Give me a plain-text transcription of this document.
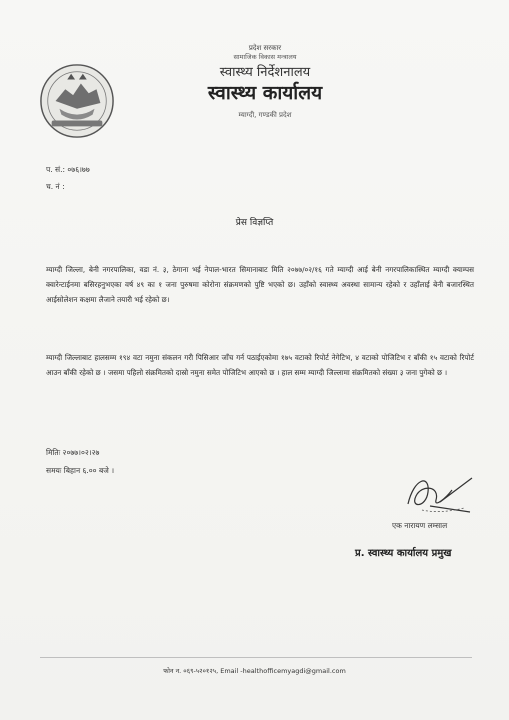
प्रदेश सरकार
सामाजिक विकास मन्त्रालय
स्वास्थ्य निर्देशनालय
स्वास्थ्य कार्यालय
म्याग्दी, गण्डकी प्रदेश
प. सं.: ०७६।७७
च. नं :
प्रेस विज्ञप्ति
म्याग्दी जिल्ला, बेनी नगरपालिका, वडा नं. ३, ठेगाना भई नेपाल-भारत सिमानाबाट मिति २०७७/०२/१६ गते म्याग्दी आई बेनी नगरपालिकास्थित म्याग्दी क्याम्पस क्वारेन्टाईनमा बसिरहनुभएका वर्ष ४९ का १ जना पुरुषमा कोरोना संक्रमणको पुष्टि भएको छ। उहाँको स्वास्थ्य अवस्था सामान्य रहेको र उहाँलाई बेनी बजारस्थित आईसोलेशन कक्षमा लैजाने तयारी भई रहेको छ।
म्याग्दी जिल्लाबाट हालसम्म १९४ वटा नमुना संकलन गरी पिसिआर जाँच गर्न पठाईएकोमा १७५ वटाको रिपोर्ट नेगेटिभ, ४ वटाको पोजिटिभ र बाँकी १५ वटाको रिपोर्ट आउन बाँकी रहेको छ । जसमा पहिलो संक्रमितको दास्रो नमुना समेत पोजिटिभ आएको छ । हाल सम्म म्याग्दी जिल्लामा संक्रमितको संख्या ३ जना पुगेको छ ।
मितिः २०७७।०२।२७
समयः बिहान ६.०० बजे ।
एक नारायण लम्साल
प्र. स्वास्थ्य कार्यालय प्रमुख
फोन न. ०६९-५२०१२५, Email -healthofficemyagdi@gmail.com
